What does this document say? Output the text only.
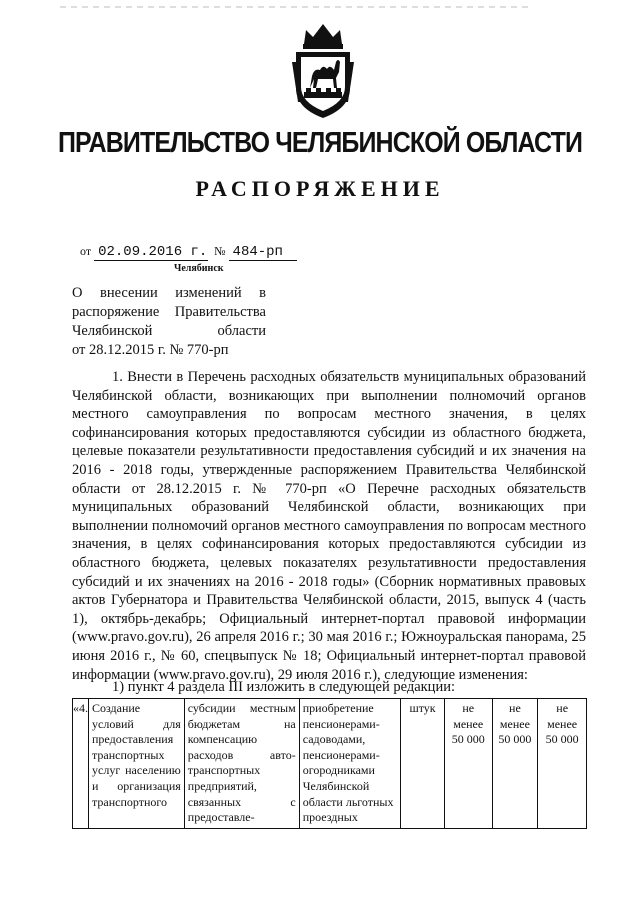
ПРАВИТЕЛЬСТВО ЧЕЛЯБИНСКОЙ ОБЛАСТИ
РАСПОРЯЖЕНИЕ
от 02.09.2016 г. № 484-рп
Челябинск

О внесении изменений в

распоряжение Правительства

Челябинской области

от 28.12.2015 г. № 770-рп

1. Внести в Перечень расходных обязательств муниципальных образований Челябинской области, возникающих при выполнении полномочий органов местного самоуправления по вопросам местного значения, в целях софинансирования которых предоставляются субсидии из областного бюджета, целевые показатели результативности предоставления субсидий и их значения на 2016 - 2018 годы, утвержденные распоряжением Правительства Челябинской области от 28.12.2015 г. № 770-рп «О Перечне расходных обязательств муниципальных образований Челябинской области, возникающих при выполнении полномочий органов местного самоуправления по вопросам местного значения, в целях софинансирования которых предоставляются субсидии из областного бюджета, целевых показателях результативности предоставления субсидий и их значениях на 2016 - 2018 годы» (Сборник нормативных правовых актов Губернатора и Правительства Челябинской области, 2015, выпуск 4 (часть 1), октябрь-декабрь; Официальный интернет-портал правовой информации (www.pravo.gov.ru), 26 апреля 2016 г.; 30 мая 2016 г.; Южноуральская панорама, 25 июня 2016 г., № 60, спецвыпуск № 18; Официальный интернет-портал правовой информации (www.pravo.gov.ru), 29 июля 2016 г.), следующие изменения:

1) пункт 4 раздела III изложить в следующей редакции:
«4.	Создание условий для предоставления транспортных услуг населению и организация транспортного	субсидии местным бюджетам на компенсацию расходов авто-транспортных предприятий, связанных с предоставле-	приобретение пенсионерами-садоводами, пенсионерами-огородниками Челябинской области льготных проездных	штук	не менее 50 000	не менее 50 000	не менее 50 000
